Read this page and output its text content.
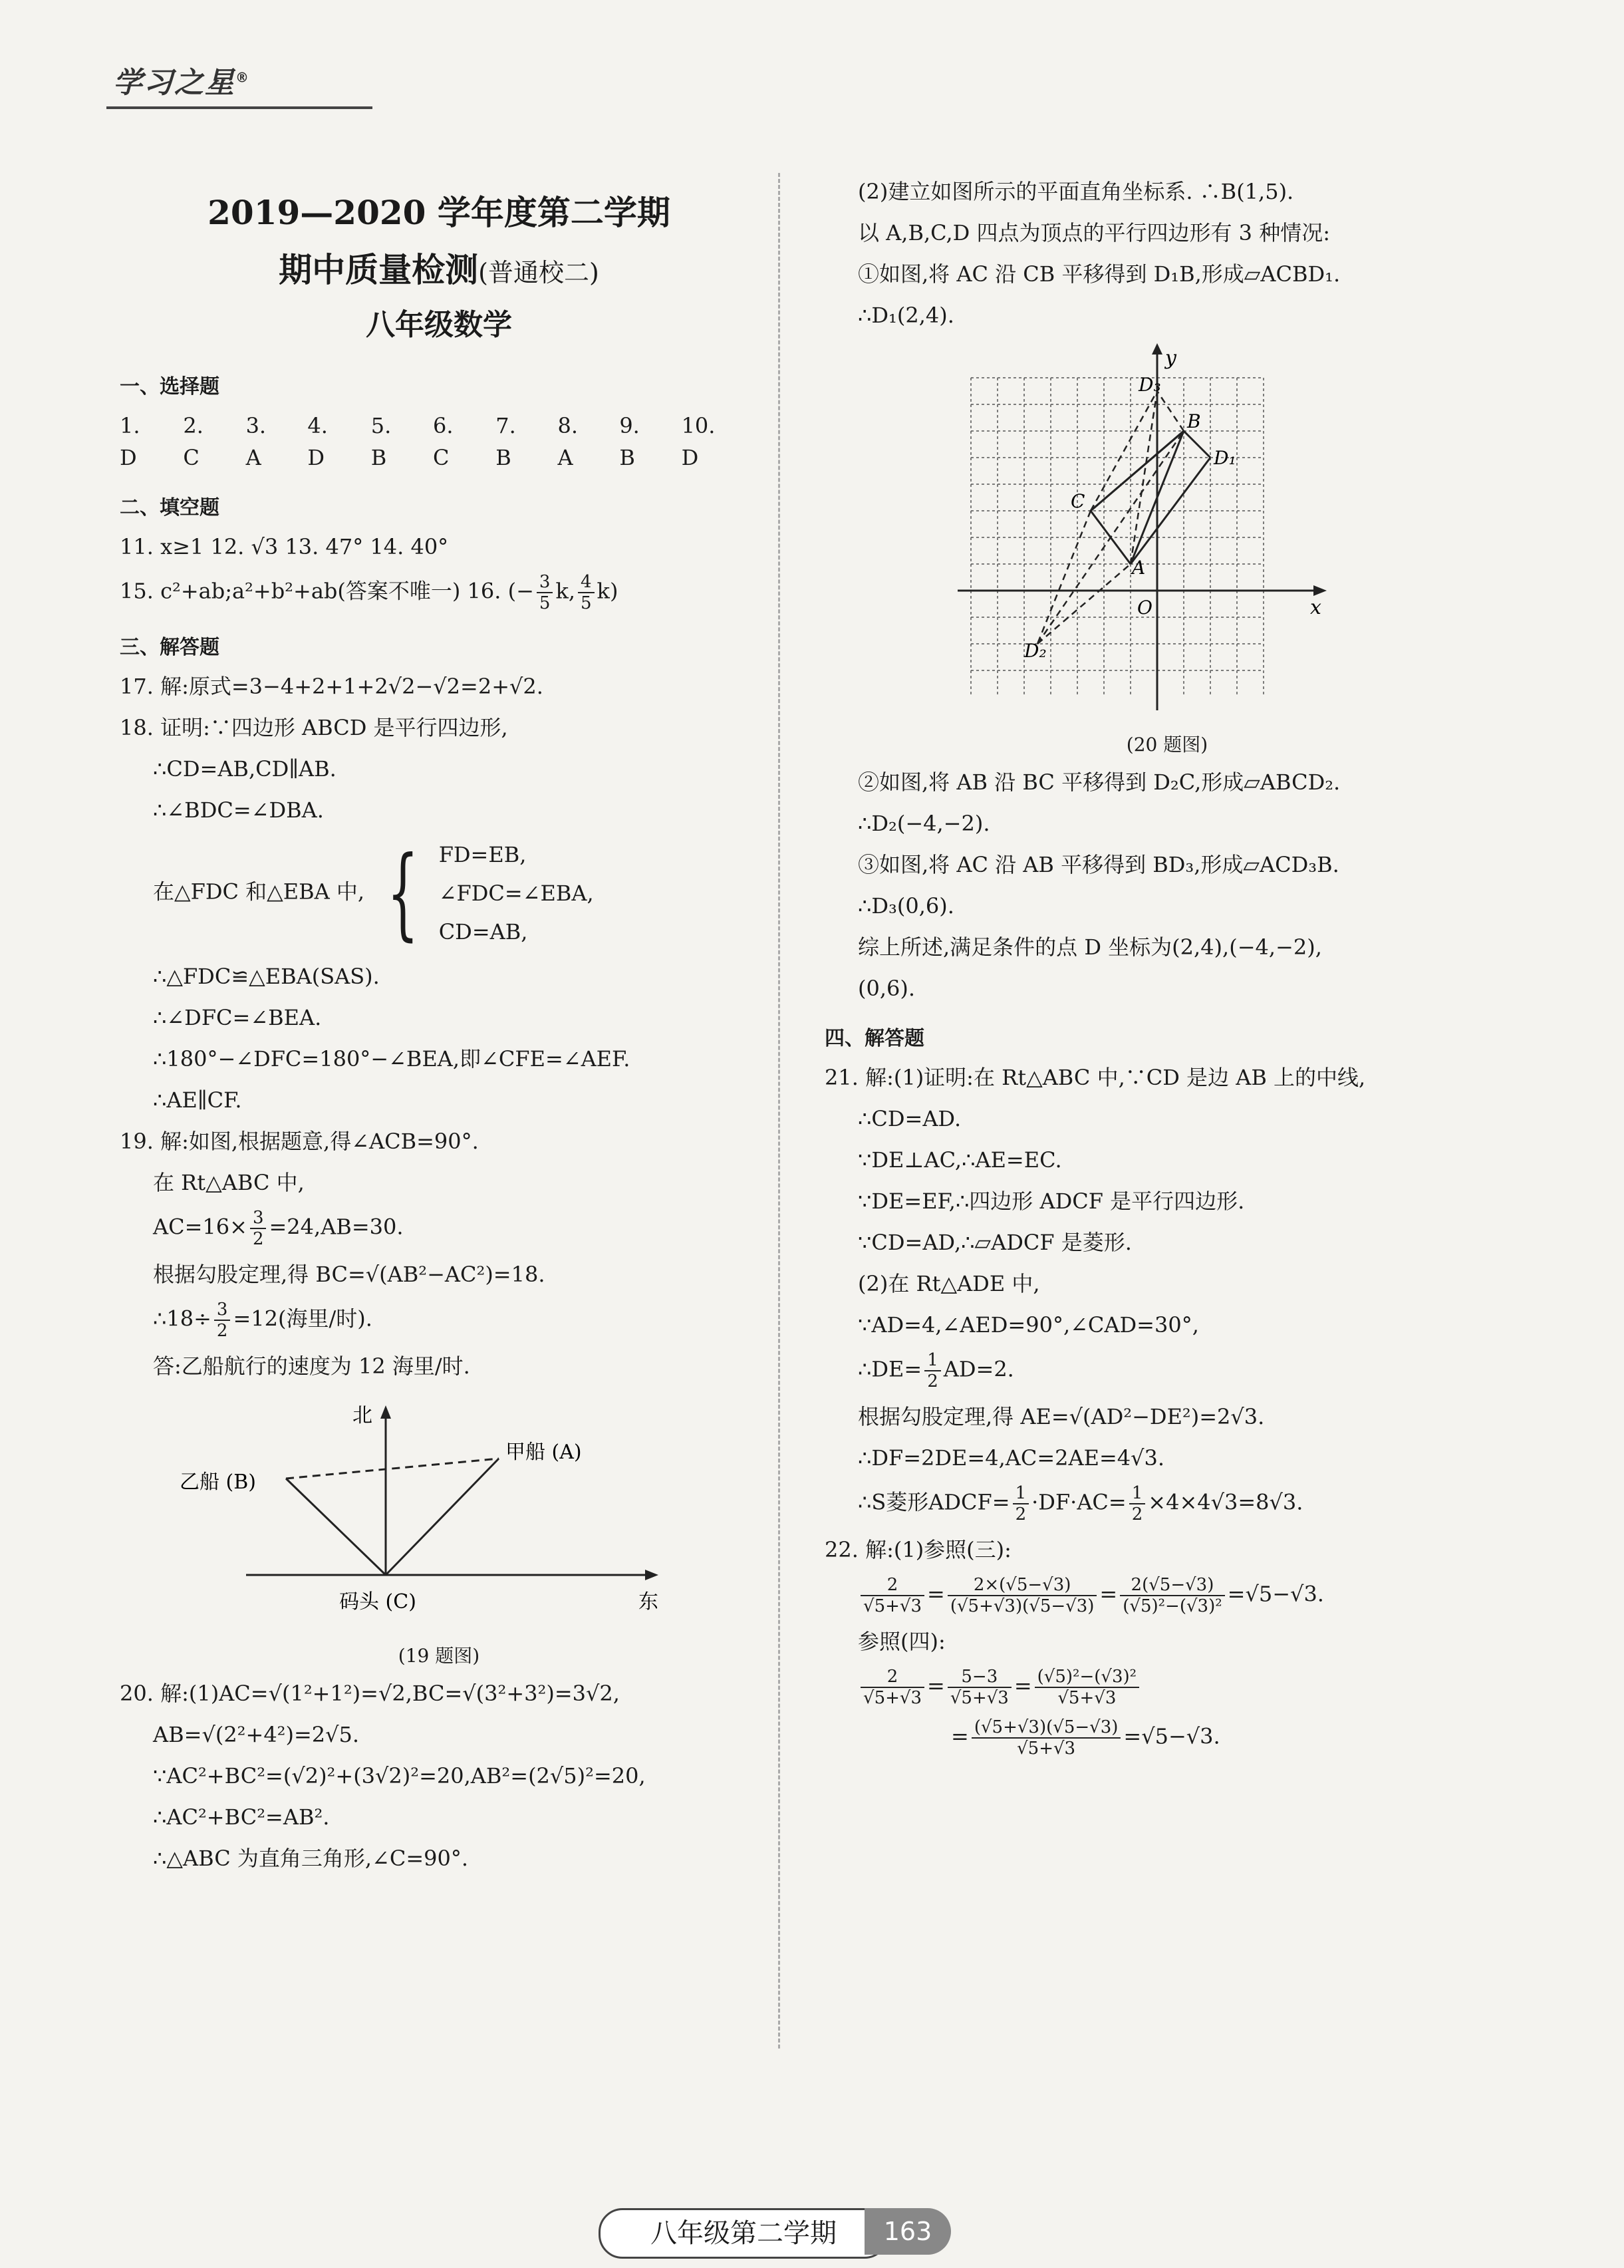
学习之星®
2019—2020 学年度第二学期
期中质量检测(普通校二)
八年级数学
一、选择题
1. D
2. C
3. A
4. D
5. B
6. C
7. B
8. A
9. B
10. D
二、填空题
11. x≥1 12. √3 13. 47° 14. 40°
15. c²+ab;a²+b²+ab(答案不唯一) 16. (− $\frac{3}{5} k$, $\frac{4}{5} k$)
三、解答题
17. 解:原式=3−4+2+1+2√2−√2=2+√2.
18. 证明:∵四边形 ABCD 是平行四边形,
∴CD=AB,CD∥AB.
∴∠BDC=∠DBA.
在△FDC 和△EBA 中, { FD=EB,
∠FDC=∠EBA,
CD=AB,
∴△FDC≌△EBA(SAS).
∴∠DFC=∠BEA.
∴180°−∠DFC=180°−∠BEA,即∠CFE=∠AEF.
∴AE∥CF.
19. 解:如图,根据题意,得∠ACB=90°.
在 Rt△ABC 中,
$AC=16\times \frac{3}{2} =24,AB=30$.
根据勾股定理,得 BC=√(AB²−AC²)=18.
∴18÷ $\frac{3}{2} =12$(海里/时).
答:乙船航行的速度为 12 海里/时.
北
东
甲船 (A)
乙船 (B)
码头 (C)
(19 题图)
20. 解:(1)AC=√(1²+1²)=√2,BC=√(3²+3²)=3√2,
AB=√(2²+4²)=2√5.
∵AC²+BC²=(√2)²+(3√2)²=20,AB²=(2√5)²=20,
∴AC²+BC²=AB².
∴△ABC 为直角三角形,∠C=90°.
(2)建立如图所示的平面直角坐标系. ∴B(1,5).
以 A,B,C,D 四点为顶点的平行四边形有 3 种情况:
①如图,将 AC 沿 CB 平移得到 D₁B,形成▱ACBD₁.
∴D₁(2,4).
y
x
O
A
B
C
D₁
D₂
D₃
(20 题图)
②如图,将 AB 沿 BC 平移得到 D₂C,形成▱ABCD₂.
∴D₂(−4,−2).
③如图,将 AC 沿 AB 平移得到 BD₃,形成▱ACD₃B.
∴D₃(0,6).
综上所述,满足条件的点 D 坐标为(2,4),(−4,−2),
(0,6).
四、解答题
21. 解:(1)证明:在 Rt△ABC 中,∵CD 是边 AB 上的中线,
∴CD=AD.
∵DE⊥AC,∴AE=EC.
∵DE=EF,∴四边形 ADCF 是平行四边形.
∵CD=AD,∴▱ADCF 是菱形.
(2)在 Rt△ADE 中,
∵AD=4,∠AED=90°,∠CAD=30°,
∴DE= $\frac{1}{2} AD=2$.
根据勾股定理,得 AE=√(AD²−DE²)=2√3.
∴DF=2DE=4,AC=2AE=4√3.
∴S菱形ADCF= $\frac{1}{2} \cdot DF\cdot AC= \frac{1}{2} \times 4\times 4√3=8√3$.
22. 解:(1)参照(三):
$\frac{2}{√5+√3} = \frac{2\times(√5-√3)}{(√5+√3)(√5-√3)} = \frac{2(√5-√3)}{\text{(√5)²−(√3)²}} =√5-√3$.
参照(四):
$\frac{2}{√5+√3} = \frac{5-3}{√5+√3} = \frac{\text{(√5)²−(√3)²}}{√5+√3}$
= $\frac{(√5+√3)(√5-√3)}{√5+√3} =√5-√3$.
八年级第二学期	163
